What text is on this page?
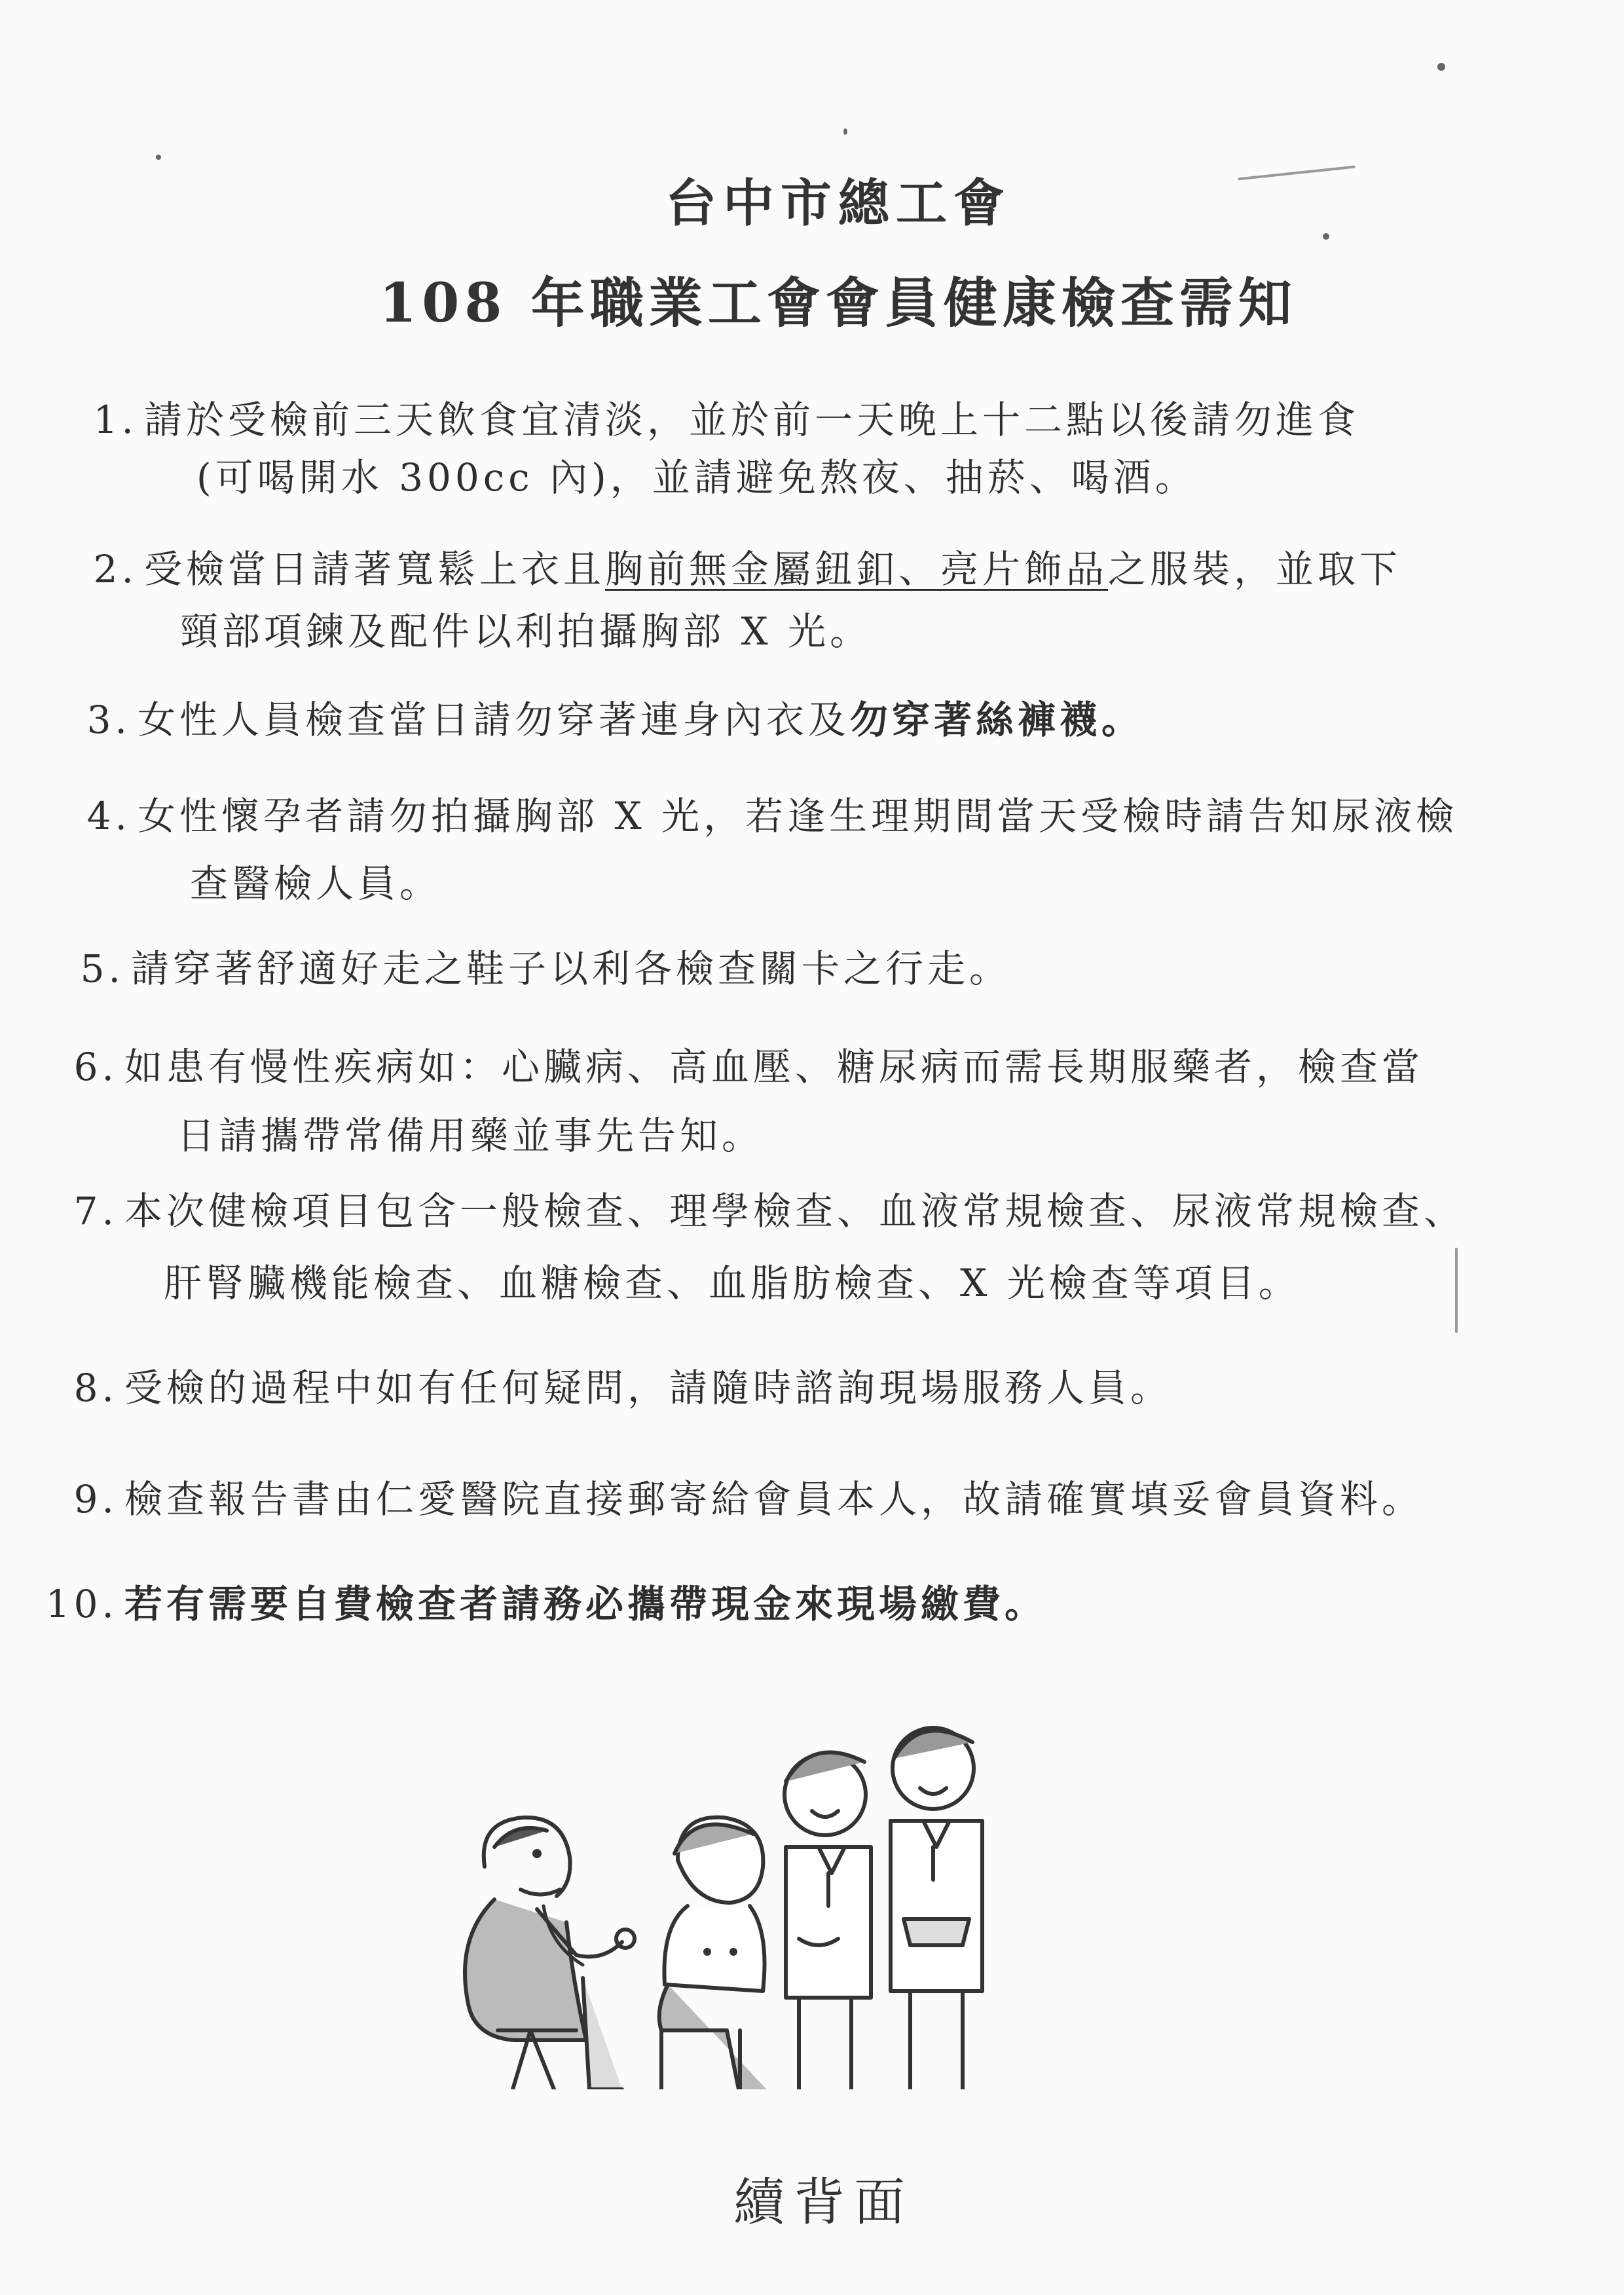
台中市總工會
108 年職業工會會員健康檢查需知
1. 請於受檢前三天飲食宜清淡，並於前一天晚上十二點以後請勿進食
(可喝開水 300cc 內)，並請避免熬夜、抽菸、喝酒。
2. 受檢當日請著寬鬆上衣且胸前無金屬鈕釦、亮片飾品之服裝，並取下
頸部項鍊及配件以利拍攝胸部 X 光。
3. 女性人員檢查當日請勿穿著連身內衣及勿穿著絲褲襪。
4. 女性懷孕者請勿拍攝胸部 X 光，若逢生理期間當天受檢時請告知尿液檢
查醫檢人員。
5. 請穿著舒適好走之鞋子以利各檢查關卡之行走。
6. 如患有慢性疾病如：心臟病、高血壓、糖尿病而需長期服藥者，檢查當
日請攜帶常備用藥並事先告知。
7. 本次健檢項目包含一般檢查、理學檢查、血液常規檢查、尿液常規檢查、
肝腎臟機能檢查、血糖檢查、血脂肪檢查、X 光檢查等項目。
8. 受檢的過程中如有任何疑問，請隨時諮詢現場服務人員。
9. 檢查報告書由仁愛醫院直接郵寄給會員本人，故請確實填妥會員資料。
10. 若有需要自費檢查者請務必攜帶現金來現場繳費。
續背面
